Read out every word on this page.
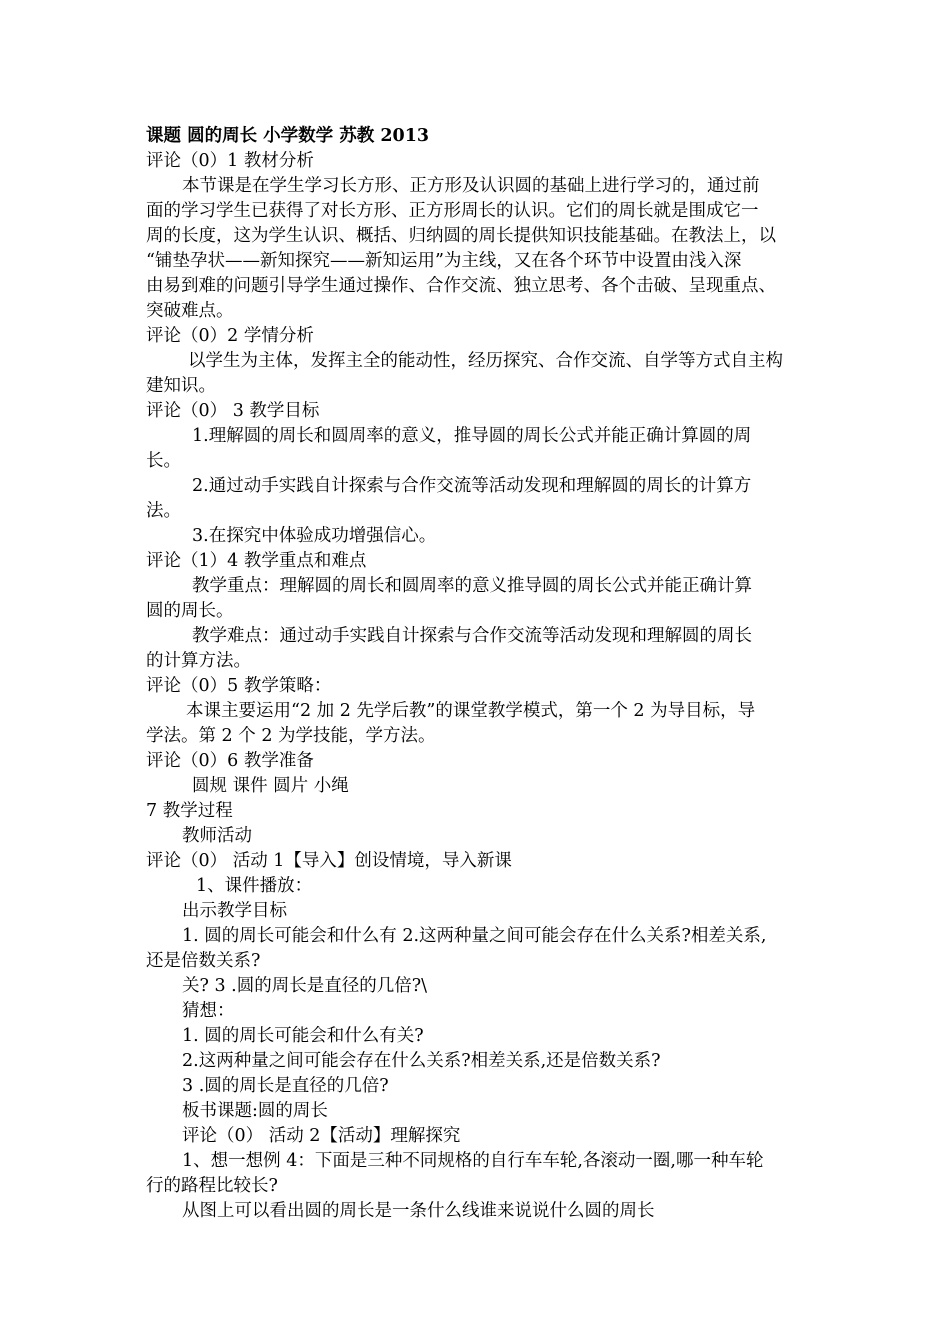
课题 圆的周长 小学数学 苏教 2013
评论（0）1 教材分析
本节课是在学生学习长方形、正方形及认识圆的基础上进行学习的，通过前
面的学习学生已获得了对长方形、正方形周长的认识。它们的周长就是围成它一
周的长度，这为学生认识、概括、归纳圆的周长提供知识技能基础。在教法上，以
“铺垫孕状——新知探究——新知运用”为主线，又在各个环节中设置由浅入深
由易到难的问题引导学生通过操作、合作交流、独立思考、各个击破、呈现重点、
突破难点。
评论（0）2 学情分析
以学生为主体，发挥主全的能动性，经历探究、合作交流、自学等方式自主构
建知识。
评论（0） 3 教学目标
1.理解圆的周长和圆周率的意义，推导圆的周长公式并能正确计算圆的周
长。
2.通过动手实践自计探索与合作交流等活动发现和理解圆的周长的计算方
法。
3.在探究中体验成功增强信心。
评论（1）4 教学重点和难点
教学重点：理解圆的周长和圆周率的意义推导圆的周长公式并能正确计算
圆的周长。
教学难点：通过动手实践自计探索与合作交流等活动发现和理解圆的周长
的计算方法。
评论（0）5 教学策略：
本课主要运用“2 加 2 先学后教”的课堂教学模式，第一个 2 为导目标，导
学法。第 2 个 2 为学技能，学方法。
评论（0）6 教学准备
圆规 课件 圆片 小绳
7 教学过程
教师活动
评论（0） 活动 1【导入】创设情境，导入新课
1、课件播放：
出示教学目标
1. 圆的周长可能会和什么有 2.这两种量之间可能会存在什么关系?相差关系,
还是倍数关系?
关? 3 .圆的周长是直径的几倍?\
猜想：
1. 圆的周长可能会和什么有关?
2.这两种量之间可能会存在什么关系?相差关系,还是倍数关系?
3 .圆的周长是直径的几倍?
板书课题:圆的周长
评论（0） 活动 2【活动】理解探究
1、想一想例 4：下面是三种不同规格的自行车车轮,各滚动一圈,哪一种车轮
行的路程比较长?
从图上可以看出圆的周长是一条什么线谁来说说什么圆的周长
